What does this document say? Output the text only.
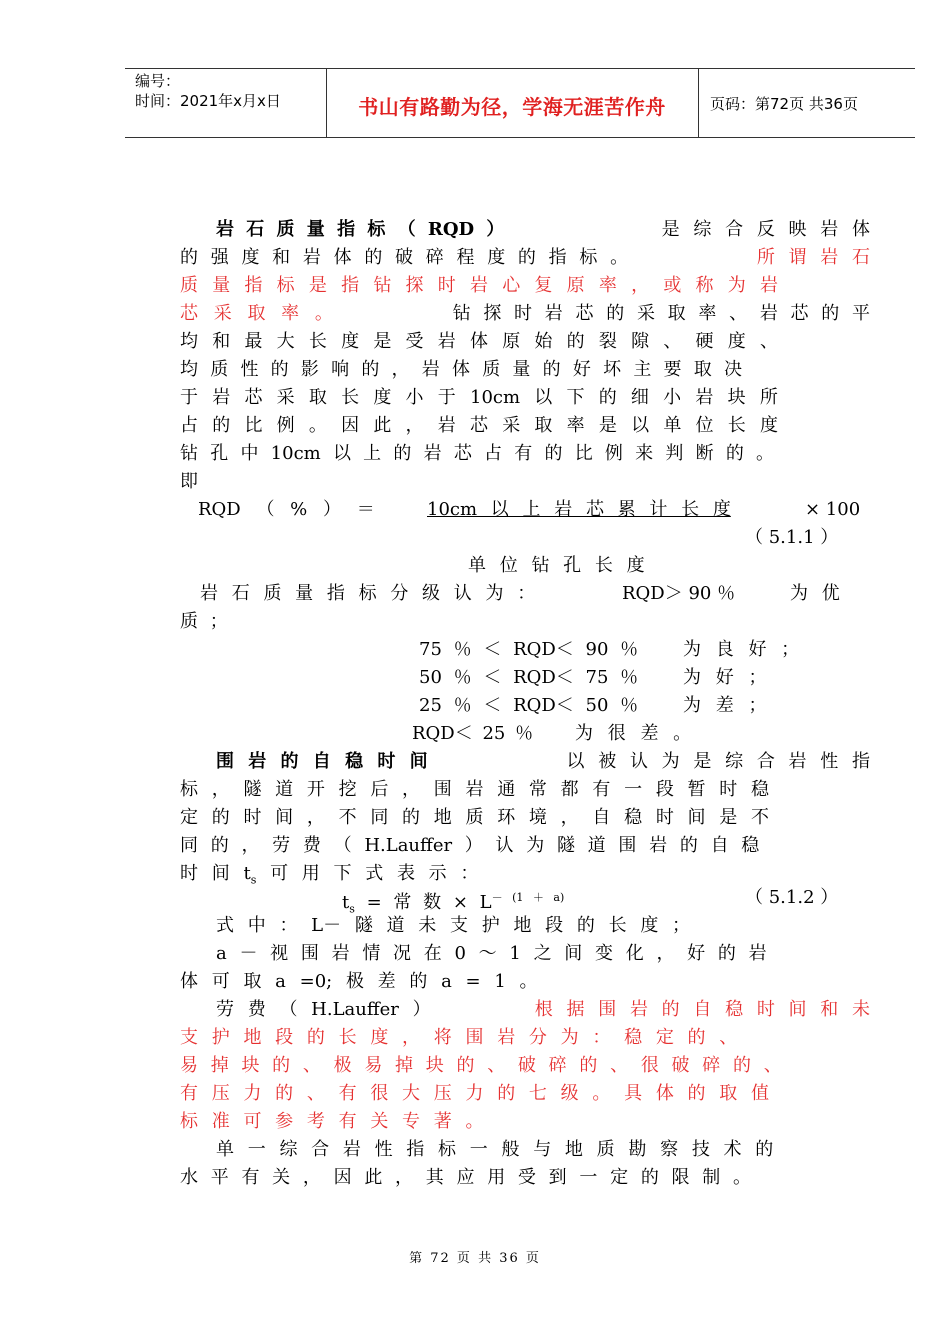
编号：
时间：2021年x月x日	书山有路勤为径，学海无涯苦作舟	页码：第72页 共36页
岩 石 质 量 指 标 （ RQD ）	是 综 合 反 映 岩 体
的 强 度 和 岩 体 的 破 碎 程 度 的 指 标 。	所 谓 岩 石
质 量 指 标 是 指 钻 探 时 岩 心 复 原 率 ， 或 称 为 岩
芯 采 取 率 。	钻 探 时 岩 芯 的 采 取 率 、 岩 芯 的 平
均 和 最 大 长 度 是 受 岩 体 原 始 的 裂 隙 、 硬 度 、
均 质 性 的 影 响 的 ， 岩 体 质 量 的 好 坏 主 要 取 决
于 岩 芯 采 取 长 度 小 于 10cm 以 下 的 细 小 岩 块 所
占 的 比 例 。 因 此 ， 岩 芯 采 取 率 是 以 单 位 长 度
钻 孔 中 10cm 以 上 的 岩 芯 占 有 的 比 例 来 判 断 的 。
即
RQD （ % ） ＝	10cm 以 上 岩 芯 累 计 长 度	× 100
（ 5.1.1 ）
单 位 钻 孔 长 度
岩 石 质 量 指 标 分 级 认 为 ：	RQD＞ 90 ％	为 优
质 ；
75 ％ ＜ RQD＜ 90 ％ 为 良 好 ；
50 ％ ＜ RQD＜ 75 ％ 为 好 ；
25 ％ ＜ RQD＜ 50 ％ 为 差 ；
RQD＜ 25 ％ 为 很 差 。
围 岩 的 自 稳 时 间	以 被 认 为 是 综 合 岩 性 指
标 ， 隧 道 开 挖 后 ， 围 岩 通 常 都 有 一 段 暂 时 稳
定 的 时 间 ， 不 同 的 地 质 环 境 ， 自 稳 时 间 是 不
同 的 ， 劳 费 （ H.Lauffer ） 认 为 隧 道 围 岩 的 自 稳
时 间 $t_s$ 可 用 下 式 表 示 ：
$t_s$ = 常 数 × $L^{- (1 + a)}$	（ 5.1.2 ）
式 中 ： L－ 隧 道 未 支 护 地 段 的 长 度 ；
a － 视 围 岩 情 况 在 0 ～ 1 之 间 变 化 ， 好 的 岩
体 可 取 a =0; 极 差 的 a = 1 。
劳 费 （ H.Lauffer ）	根 据 围 岩 的 自 稳 时 间 和 未
支 护 地 段 的 长 度 ， 将 围 岩 分 为 ： 稳 定 的 、
易 掉 块 的 、 极 易 掉 块 的 、 破 碎 的 、 很 破 碎 的 、
有 压 力 的 、 有 很 大 压 力 的 七 级 。 具 体 的 取 值
标 准 可 参 考 有 关 专 著 。
单 一 综 合 岩 性 指 标 一 般 与 地 质 勘 察 技 术 的
水 平 有 关 ， 因 此 ， 其 应 用 受 到 一 定 的 限 制 。
第 72 页 共 36 页
